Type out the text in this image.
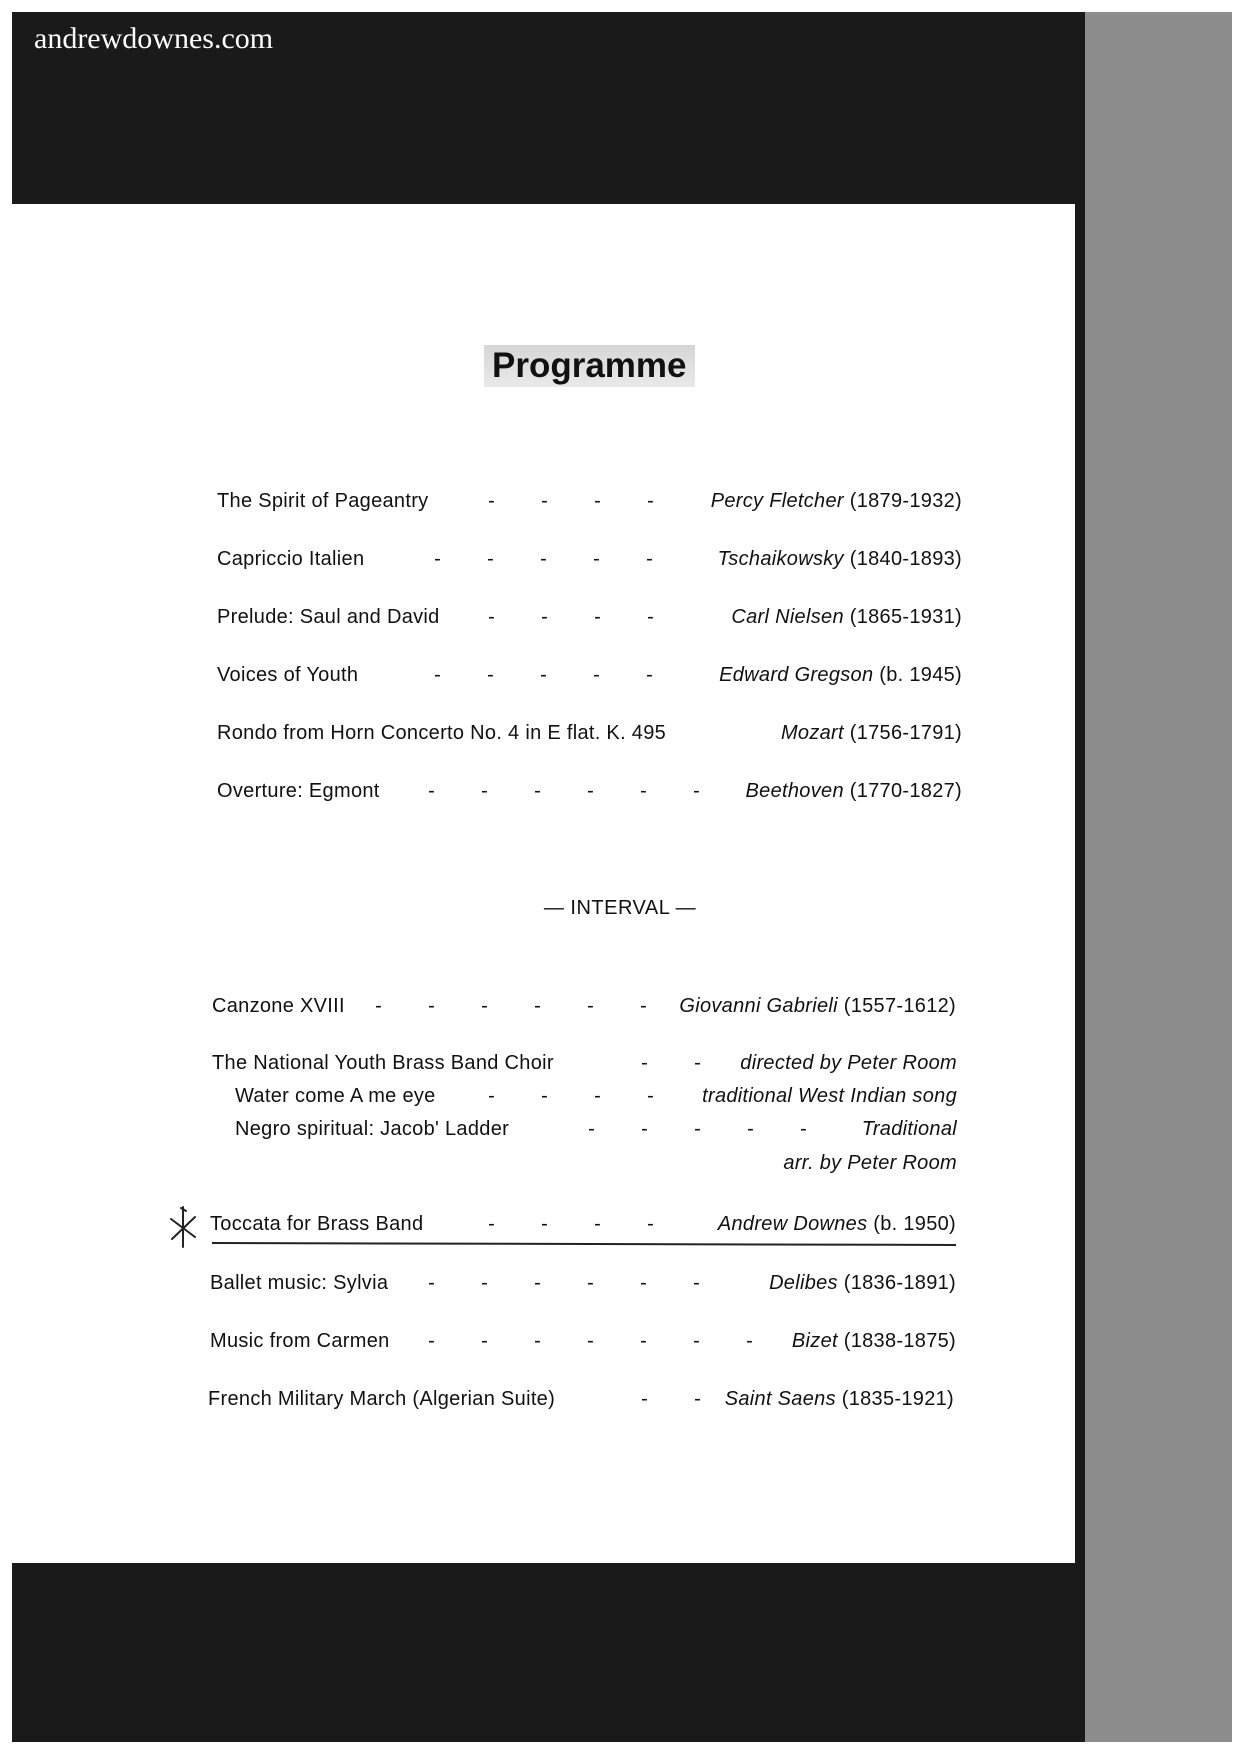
andrewdownes.com
Programme
The Spirit of Pageantry	- - - -	Percy Fletcher (1879-1932)
Capriccio Italien	- - - - -	Tschaikowsky (1840-1893)
Prelude: Saul and David	- - - -	Carl Nielsen (1865-1931)
Voices of Youth	- - - - -	Edward Gregson (b. 1945)
Rondo from Horn Concerto No. 4 in E flat. K. 495	Mozart (1756-1791)
Overture: Egmont	- - - - - -	Beethoven (1770-1827)
— INTERVAL —
Canzone XVIII	- - - - - -	Giovanni Gabrieli (1557-1612)
The National Youth Brass Band Choir	- -	directed by Peter Room
Water come A me eye	- - - -	traditional West Indian song
Negro spiritual: Jacob' Ladder	- - - - -	Traditional
arr. by Peter Room
Toccata for Brass Band	- - - -	Andrew Downes (b. 1950)
Ballet music: Sylvia	- - - - - -	Delibes (1836-1891)
Music from Carmen	- - - - - - -	Bizet (1838-1875)
French Military March (Algerian Suite)	- -	Saint Saens (1835-1921)
